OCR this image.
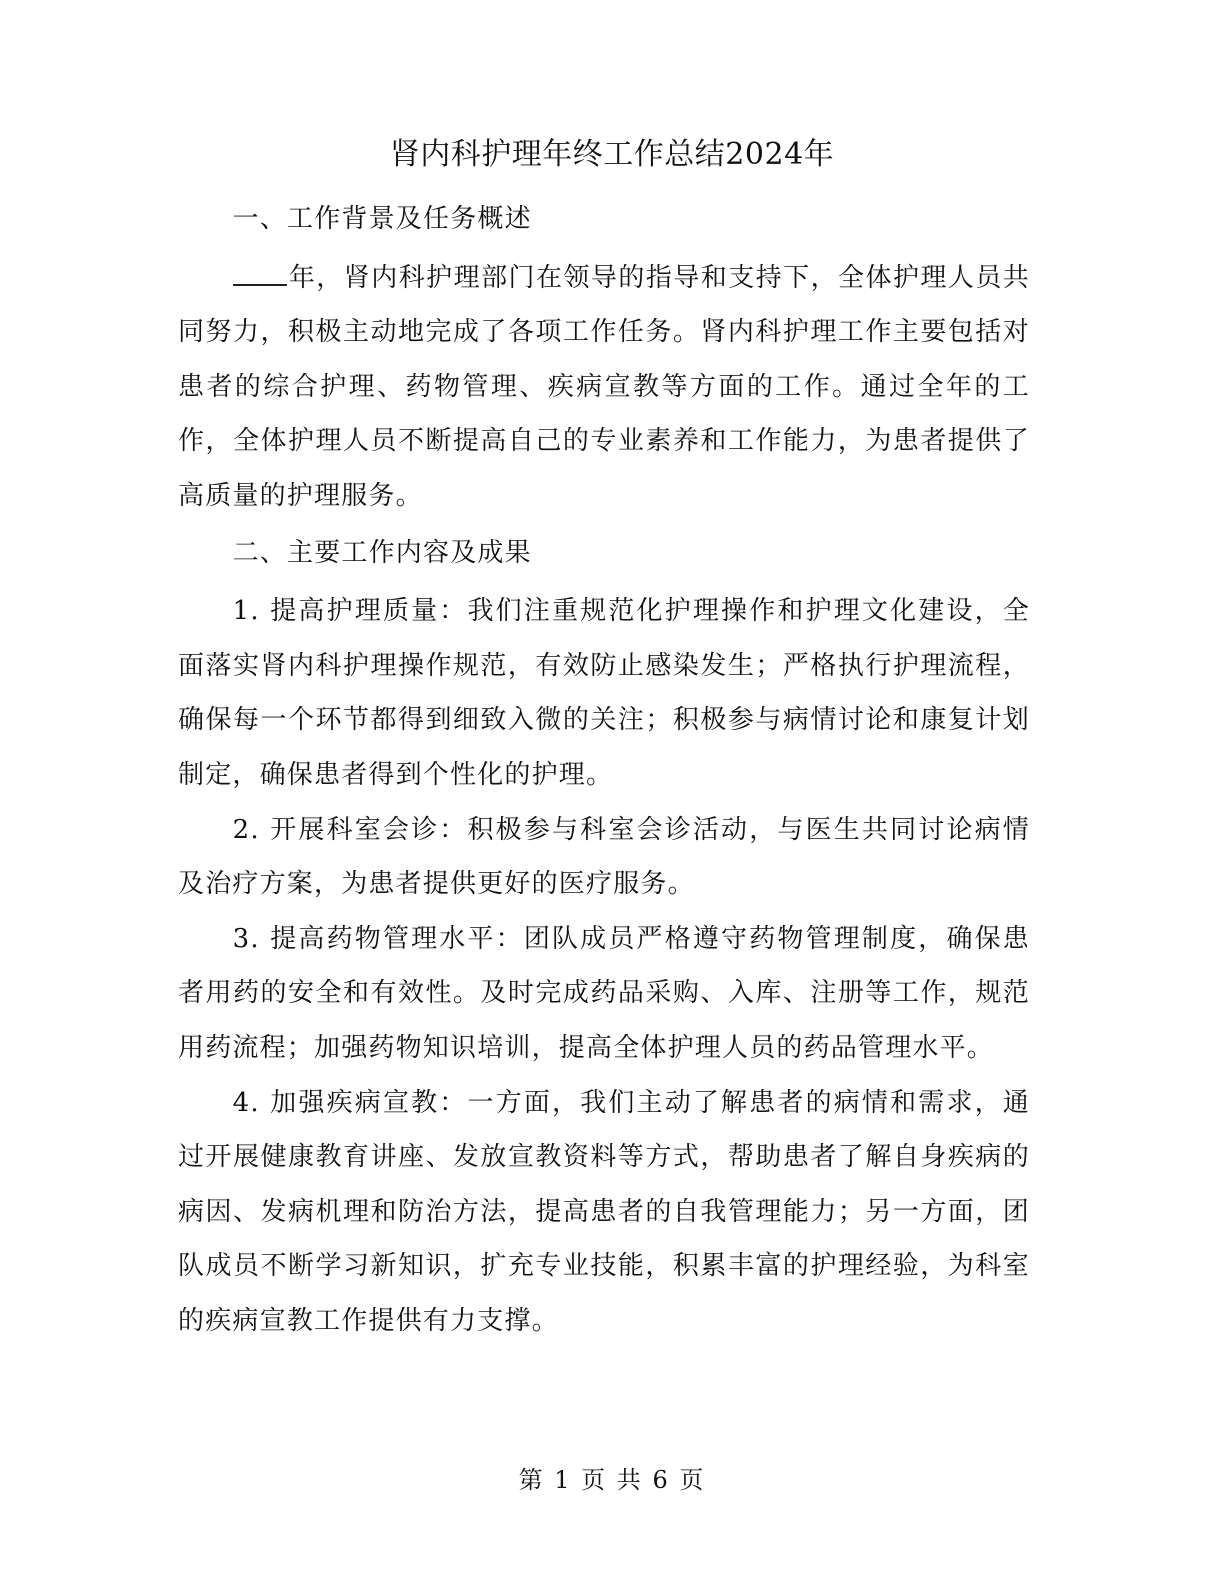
肾内科护理年终工作总结2024年

一、工作背景及任务概述

年，肾内科护理部门在领导的指导和支持下，全体护理人员共同努力，积极主动地完成了各项工作任务。肾内科护理工作主要包括对患者的综合护理、药物管理、疾病宣教等方面的工作。通过全年的工作，全体护理人员不断提高自己的专业素养和工作能力，为患者提供了高质量的护理服务。

二、主要工作内容及成果

1. 提高护理质量：我们注重规范化护理操作和护理文化建设，全面落实肾内科护理操作规范，有效防止感染发生；严格执行护理流程，确保每一个环节都得到细致入微的关注；积极参与病情讨论和康复计划制定，确保患者得到个性化的护理。

2. 开展科室会诊：积极参与科室会诊活动，与医生共同讨论病情及治疗方案，为患者提供更好的医疗服务。

3. 提高药物管理水平：团队成员严格遵守药物管理制度，确保患者用药的安全和有效性。及时完成药品采购、入库、注册等工作，规范用药流程；加强药物知识培训，提高全体护理人员的药品管理水平。

4. 加强疾病宣教：一方面，我们主动了解患者的病情和需求，通过开展健康教育讲座、发放宣教资料等方式，帮助患者了解自身疾病的病因、发病机理和防治方法，提高患者的自我管理能力；另一方面，团队成员不断学习新知识，扩充专业技能，积累丰富的护理经验，为科室的疾病宣教工作提供有力支撑。

第 1 页 共 6 页
